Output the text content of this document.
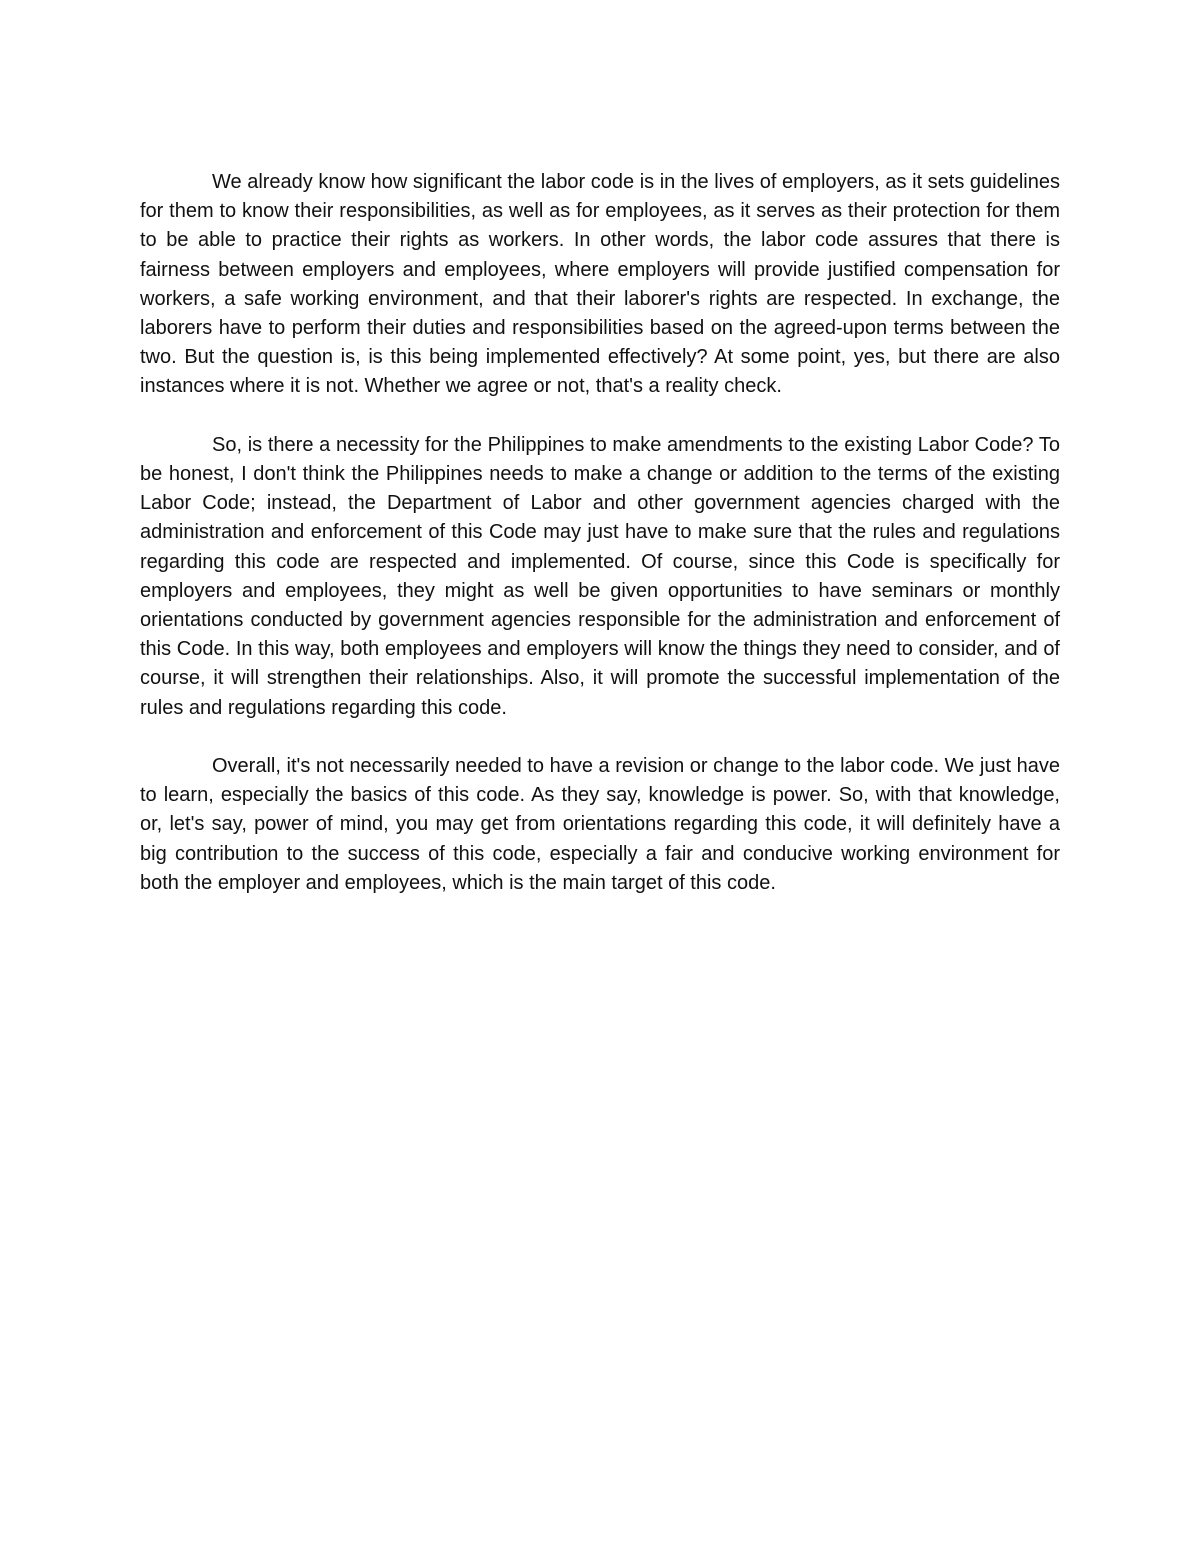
We already know how significant the labor code is in the lives of employers, as it sets guidelines for them to know their responsibilities, as well as for employees, as it serves as their protection for them to be able to practice their rights as workers. In other words, the labor code assures that there is fairness between employers and employees, where employers will provide justified compensation for workers, a safe working environment, and that their laborer's rights are respected. In exchange, the laborers have to perform their duties and responsibilities based on the agreed-upon terms between the two. But the question is, is this being implemented effectively? At some point, yes, but there are also instances where it is not. Whether we agree or not, that's a reality check.

So, is there a necessity for the Philippines to make amendments to the existing Labor Code? To be honest, I don't think the Philippines needs to make a change or addition to the terms of the existing Labor Code; instead, the Department of Labor and other government agencies charged with the administration and enforcement of this Code may just have to make sure that the rules and regulations regarding this code are respected and implemented. Of course, since this Code is specifically for employers and employees, they might as well be given opportunities to have seminars or monthly orientations conducted by government agencies responsible for the administration and enforcement of this Code. In this way, both employees and employers will know the things they need to consider, and of course, it will strengthen their relationships. Also, it will promote the successful implementation of the rules and regulations regarding this code.

Overall, it's not necessarily needed to have a revision or change to the labor code. We just have to learn, especially the basics of this code. As they say, knowledge is power. So, with that knowledge, or, let's say, power of mind, you may get from orientations regarding this code, it will definitely have a big contribution to the success of this code, especially a fair and conducive working environment for both the employer and employees, which is the main target of this code.
